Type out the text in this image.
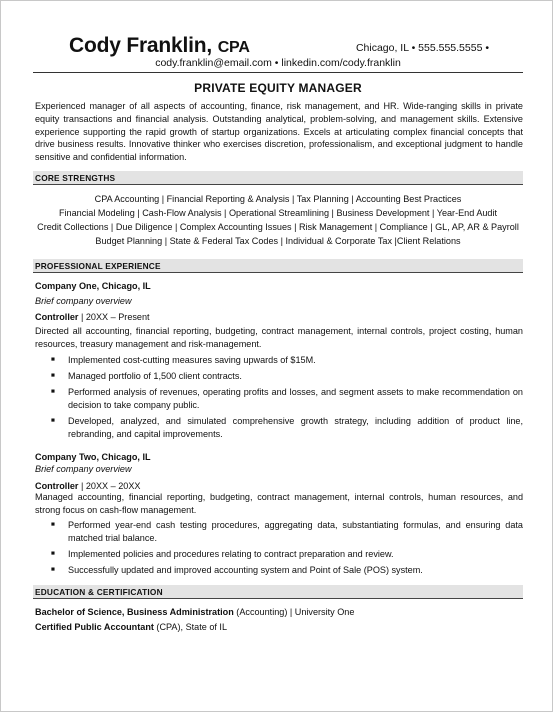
Cody Franklin, CPA	Chicago, IL • 555.555.5555 •
cody.franklin@email.com • linkedin.com/cody.franklin
PRIVATE EQUITY MANAGER
Experienced manager of all aspects of accounting, finance, risk management, and HR. Wide-ranging skills in private equity transactions and financial analysis. Outstanding analytical, problem-solving, and management skills. Extensive experience supporting the rapid growth of startup organizations. Excels at articulating complex financial concepts that drive business results. Innovative thinker who exercises discretion, professionalism, and exceptional judgment to handle sensitive and confidential information.
CORE STRENGTHS
CPA Accounting | Financial Reporting & Analysis | Tax Planning | Accounting Best Practices
Financial Modeling | Cash-Flow Analysis | Operational Streamlining | Business Development | Year-End Audit
Credit Collections | Due Diligence | Complex Accounting Issues | Risk Management | Compliance | GL, AP, AR & Payroll
Budget Planning | State & Federal Tax Codes | Individual & Corporate Tax |Client Relations
PROFESSIONAL EXPERIENCE
Company One, Chicago, IL
Brief company overview
Controller | 20XX – Present
Directed all accounting, financial reporting, budgeting, contract management, internal controls, project costing, human resources, treasury management and risk-management.
■ Implemented cost-cutting measures saving upwards of $15M.
■ Managed portfolio of 1,500 client contracts.
■ Performed analysis of revenues, operating profits and losses, and segment assets to make recommendation on decision to take company public.
■ Developed, analyzed, and simulated comprehensive growth strategy, including addition of product line, rebranding, and capital improvements.
Company Two, Chicago, IL
Brief company overview
Controller | 20XX – 20XX
Managed accounting, financial reporting, budgeting, contract management, internal controls, human resources, and strong focus on cash-flow management.
■ Performed year-end cash testing procedures, aggregating data, substantiating formulas, and ensuring data matched trial balance.
■ Implemented policies and procedures relating to contract preparation and review.
■ Successfully updated and improved accounting system and Point of Sale (POS) system.
EDUCATION & CERTIFICATION
Bachelor of Science, Business Administration (Accounting) | University One
Certified Public Accountant (CPA), State of IL
